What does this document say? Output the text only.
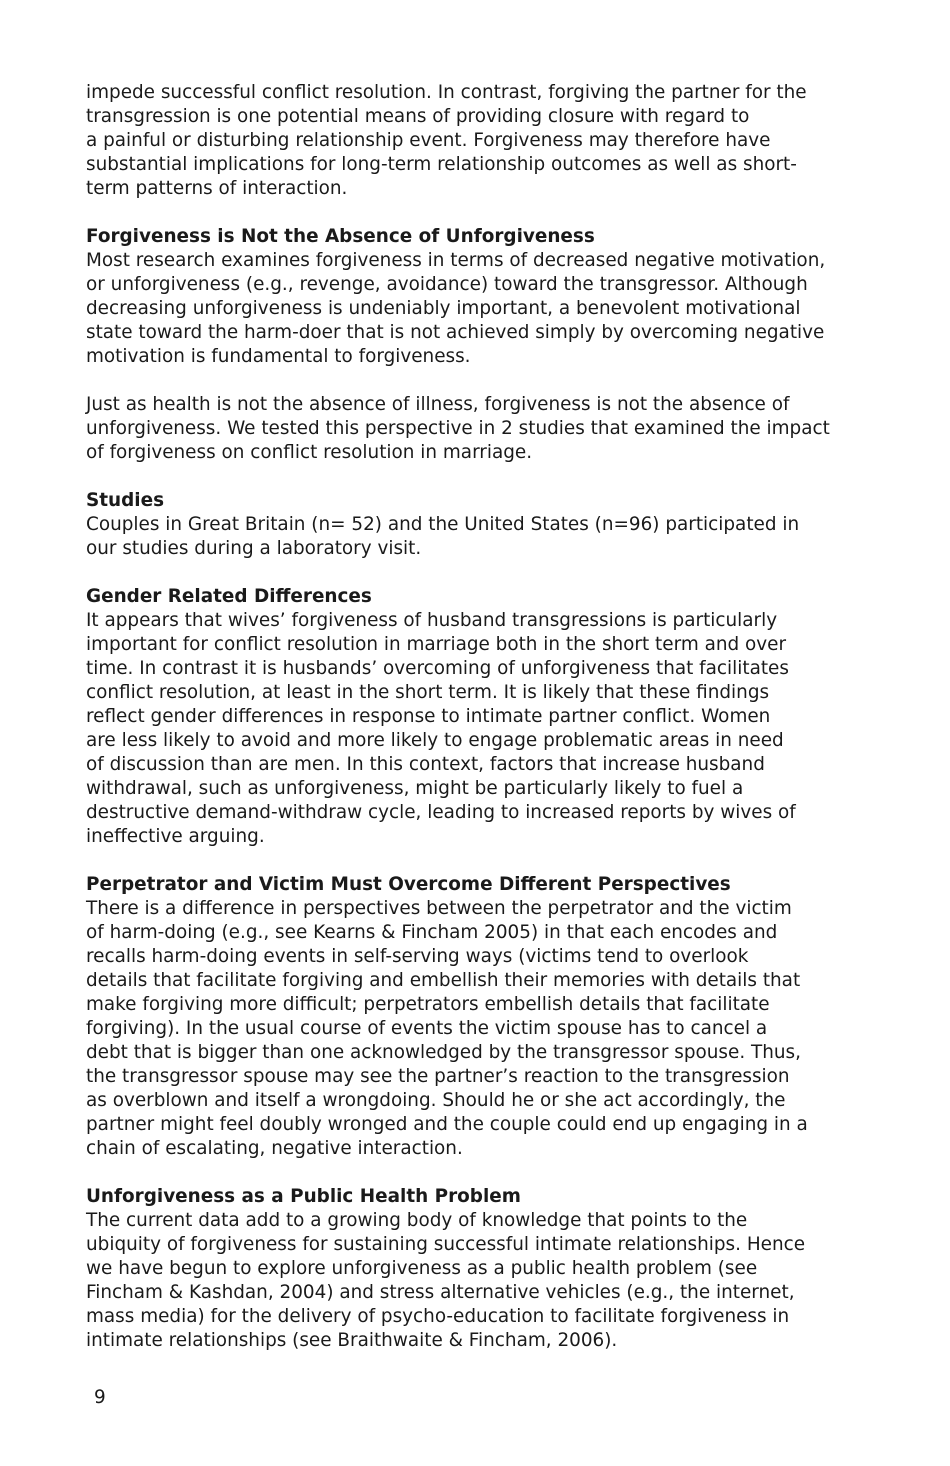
impede successful conflict resolution. In contrast, forgiving the partner for the
transgression is one potential means of providing closure with regard to
a painful or disturbing relationship event. Forgiveness may therefore have
substantial implications for long-term relationship outcomes as well as short-
term patterns of interaction.

Forgiveness is Not the Absence of Unforgiveness

Most research examines forgiveness in terms of decreased negative motivation,
or unforgiveness (e.g., revenge, avoidance) toward the transgressor. Although
decreasing unforgiveness is undeniably important, a benevolent motivational
state toward the harm-doer that is not achieved simply by overcoming negative
motivation is fundamental to forgiveness.

Just as health is not the absence of illness, forgiveness is not the absence of
unforgiveness. We tested this perspective in 2 studies that examined the impact
of forgiveness on conflict resolution in marriage.

Studies

Couples in Great Britain (n= 52) and the United States (n=96) participated in
our studies during a laboratory visit.

Gender Related Differences

It appears that wives’ forgiveness of husband transgressions is particularly
important for conflict resolution in marriage both in the short term and over
time. In contrast it is husbands’ overcoming of unforgiveness that facilitates
conflict resolution, at least in the short term. It is likely that these findings
reflect gender differences in response to intimate partner conflict. Women
are less likely to avoid and more likely to engage problematic areas in need
of discussion than are men. In this context, factors that increase husband
withdrawal, such as unforgiveness, might be particularly likely to fuel a
destructive demand-withdraw cycle, leading to increased reports by wives of
ineffective arguing.

Perpetrator and Victim Must Overcome Different Perspectives

There is a difference in perspectives between the perpetrator and the victim
of harm-doing (e.g., see Kearns & Fincham 2005) in that each encodes and
recalls harm-doing events in self-serving ways (victims tend to overlook
details that facilitate forgiving and embellish their memories with details that
make forgiving more difficult; perpetrators embellish details that facilitate
forgiving). In the usual course of events the victim spouse has to cancel a
debt that is bigger than one acknowledged by the transgressor spouse. Thus,
the transgressor spouse may see the partner’s reaction to the transgression
as overblown and itself a wrongdoing. Should he or she act accordingly, the
partner might feel doubly wronged and the couple could end up engaging in a
chain of escalating, negative interaction.

Unforgiveness as a Public Health Problem

The current data add to a growing body of knowledge that points to the
ubiquity of forgiveness for sustaining successful intimate relationships. Hence
we have begun to explore unforgiveness as a public health problem (see
Fincham & Kashdan, 2004) and stress alternative vehicles (e.g., the internet,
mass media) for the delivery of psycho-education to facilitate forgiveness in
intimate relationships (see Braithwaite & Fincham, 2006).

9
